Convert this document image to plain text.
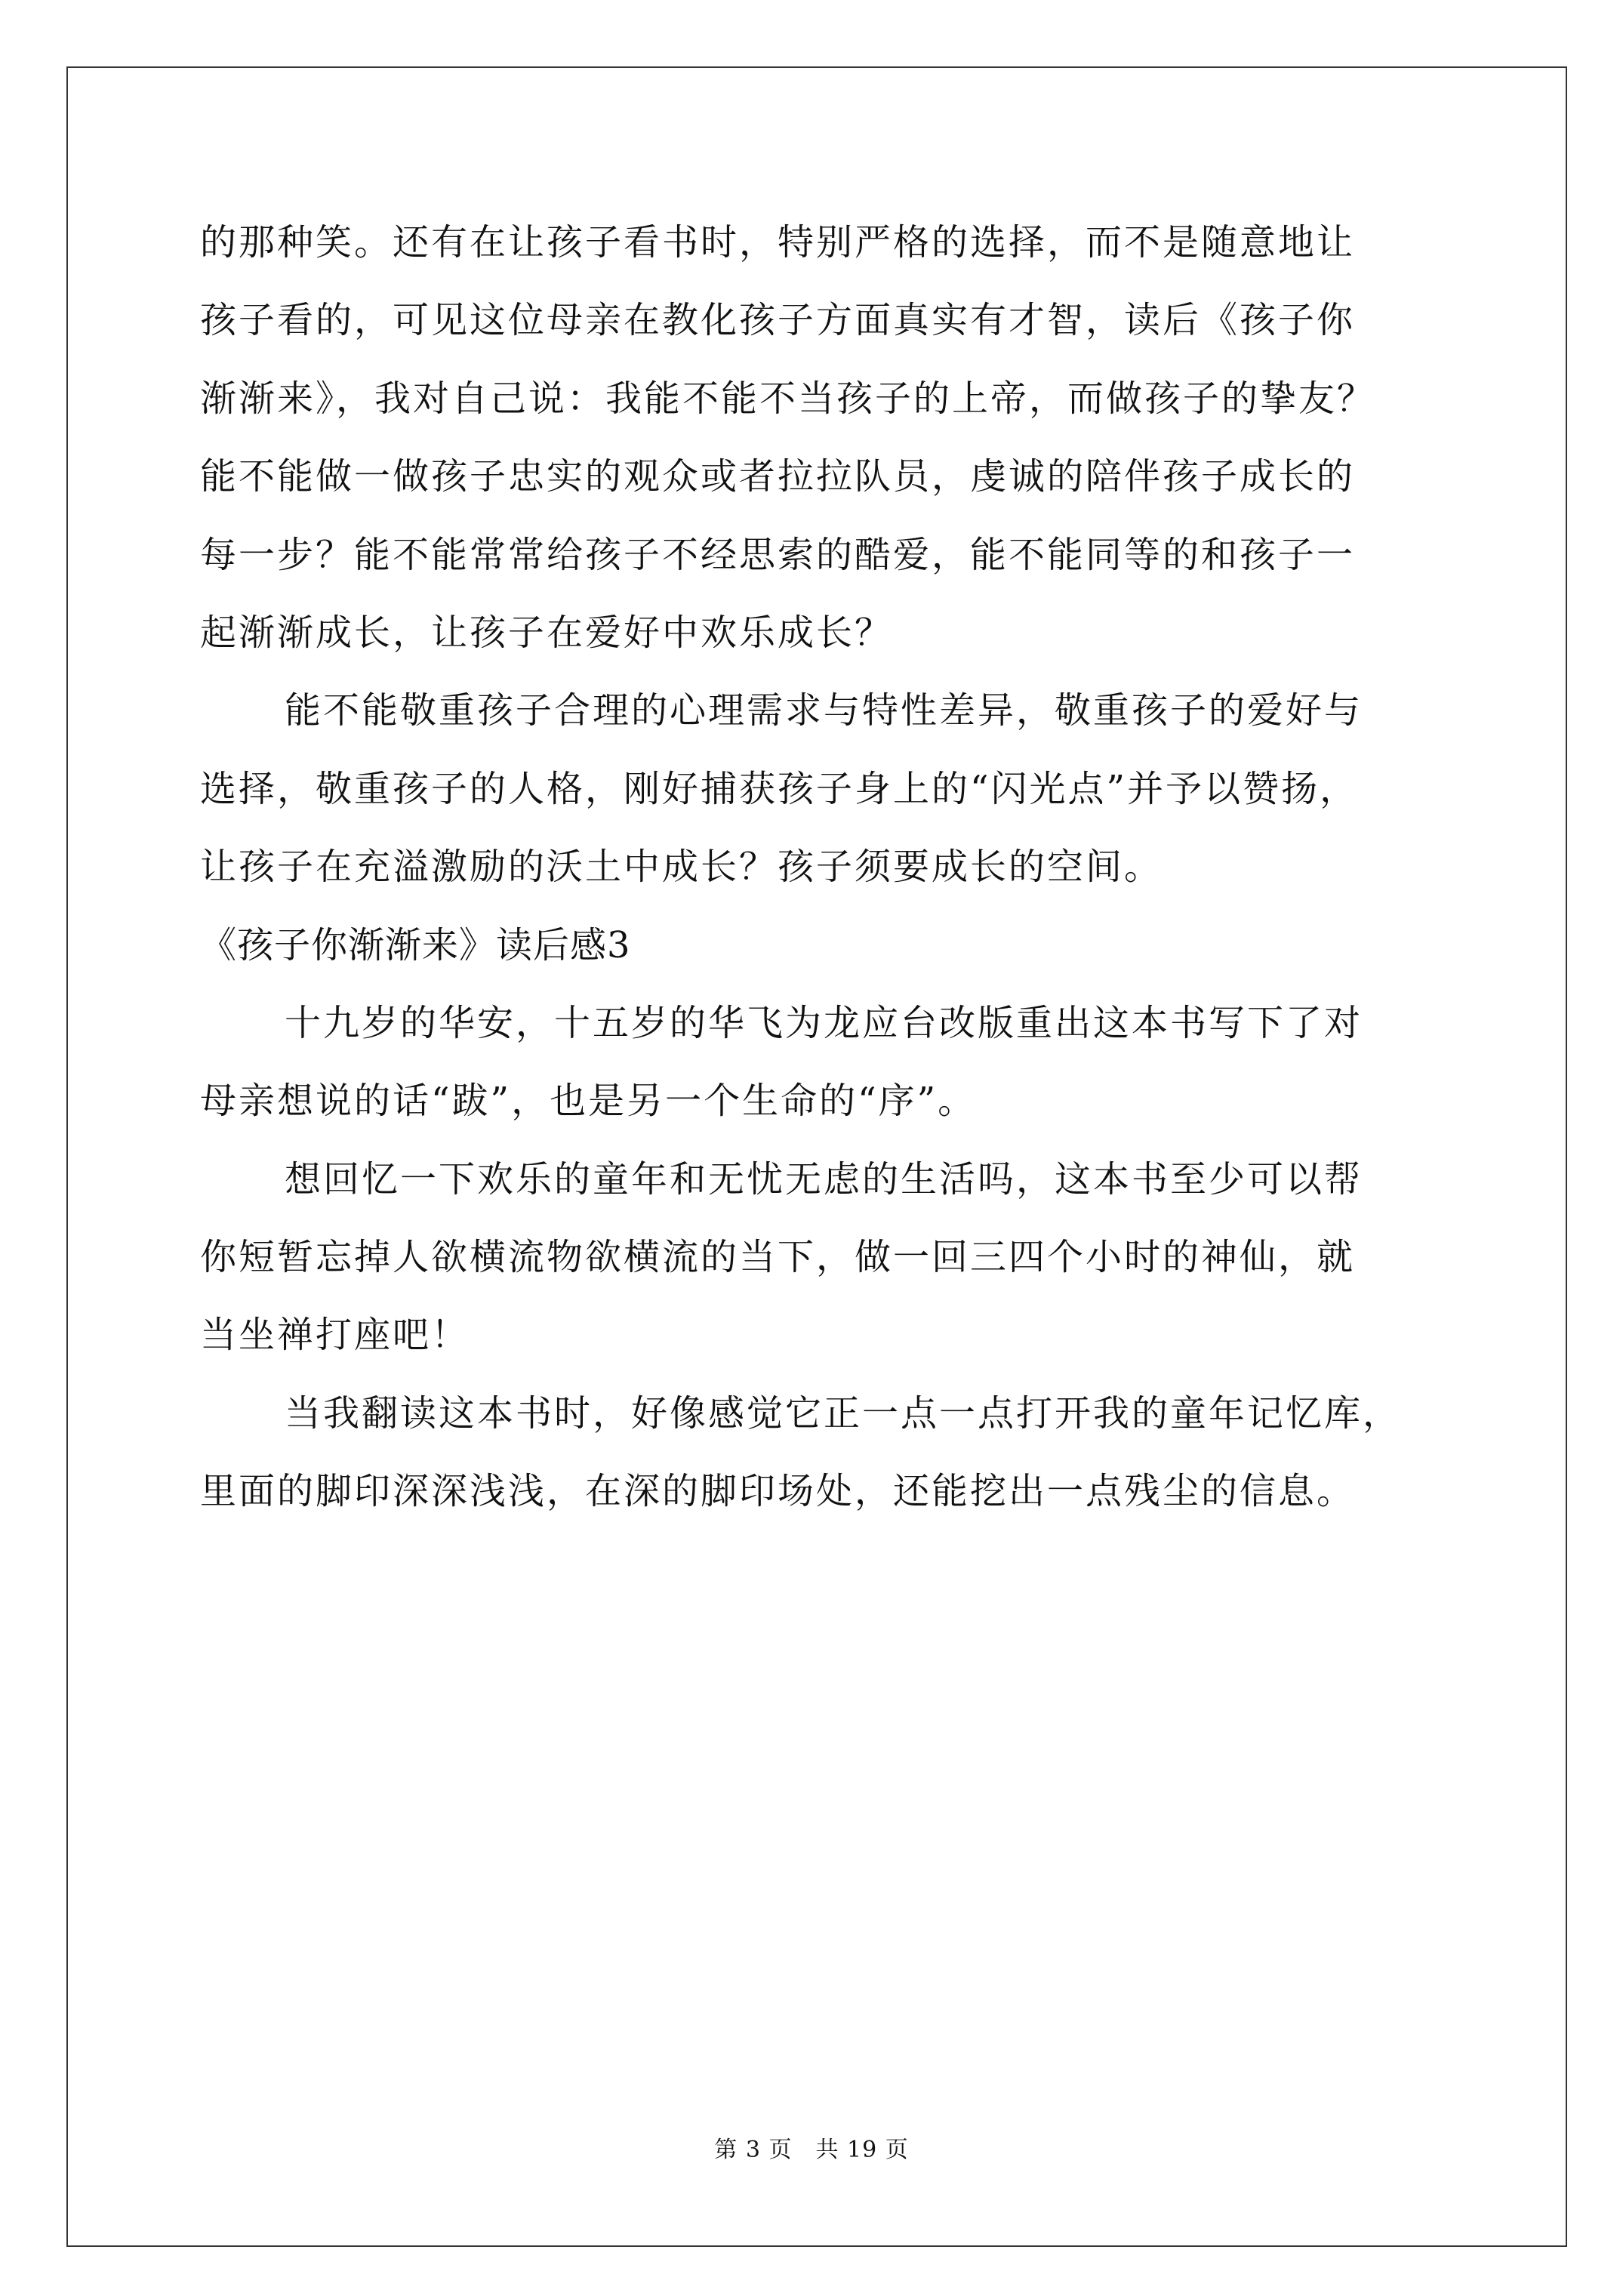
的那种笑。还有在让孩子看书时，特别严格的选择，而不是随意地让
孩子看的，可见这位母亲在教化孩子方面真实有才智，读后《孩子你
渐渐来》，我对自己说：我能不能不当孩子的上帝，而做孩子的挚友？
能不能做一做孩子忠实的观众或者拉拉队员，虔诚的陪伴孩子成长的
每一步？能不能常常给孩子不经思索的酷爱，能不能同等的和孩子一
起渐渐成长，让孩子在爱好中欢乐成长？
能不能敬重孩子合理的心理需求与特性差异，敬重孩子的爱好与
选择，敬重孩子的人格，刚好捕获孩子身上的“闪光点”并予以赞扬，
让孩子在充溢激励的沃土中成长？孩子须要成长的空间。
《孩子你渐渐来》读后感3
十九岁的华安，十五岁的华飞为龙应台改版重出这本书写下了对
母亲想说的话“跋”，也是另一个生命的“序”。
想回忆一下欢乐的童年和无忧无虑的生活吗，这本书至少可以帮
你短暂忘掉人欲横流物欲横流的当下，做一回三四个小时的神仙，就
当坐禅打座吧！
当我翻读这本书时，好像感觉它正一点一点打开我的童年记忆库，
里面的脚印深深浅浅，在深的脚印场处，还能挖出一点残尘的信息。
第 3 页　共 19 页
